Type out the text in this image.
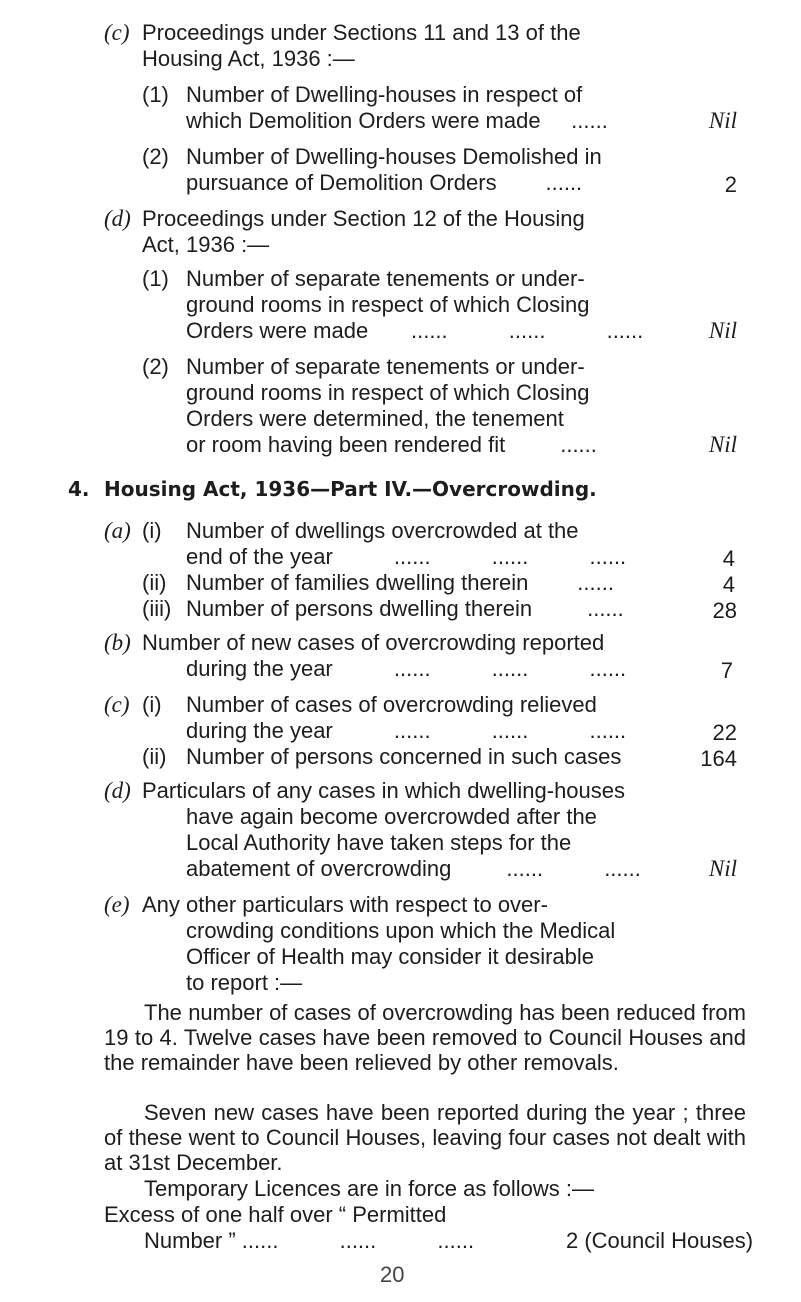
(c) Proceedings under Sections 11 and 13 of the
Housing Act, 1936 :—
(1) Number of Dwelling-houses in respect of
which Demolition Orders were made ......	Nil
(2) Number of Dwelling-houses Demolished in
pursuance of Demolition Orders ......	2
(d) Proceedings under Section 12 of the Housing
Act, 1936 :—
(1) Number of separate tenements or under-
ground rooms in respect of which Closing
Orders were made ......          ......          ......	Nil
(2) Number of separate tenements or under-
ground rooms in respect of which Closing
Orders were determined, the tenement
or room having been rendered fit	......	Nil
4. Housing Act, 1936—Part IV.—Overcrowding.
(a) (i) Number of dwellings overcrowded at the
end of the year	......          ......          ......	4
(ii) Number of families dwelling therein ......	4
(iii) Number of persons dwelling therein	......	28
(b) Number of new cases of overcrowding reported
during the year	......          ......          ......	7
(c) (i) Number of cases of overcrowding relieved
during the year	......          ......          ......	22
(ii) Number of persons concerned in such cases	164
(d) Particulars of any cases in which dwelling-houses
have again become overcrowded after the
Local Authority have taken steps for the
abatement of overcrowding	......          ......	Nil
(e) Any other particulars with respect to over-
crowding conditions upon which the Medical
Officer of Health may consider it desirable
to report :—
The number of cases of overcrowding has been reduced from 19 to 4. Twelve cases have been removed to Council Houses and the remainder have been relieved by other removals.
Seven new cases have been reported during the year ; three of these went to Council Houses, leaving four cases not dealt with at 31st December.
Temporary Licences are in force as follows :—
Excess of one half over “ Permitted
Number ” ......          ......          ......	2 (Council Houses)
20
